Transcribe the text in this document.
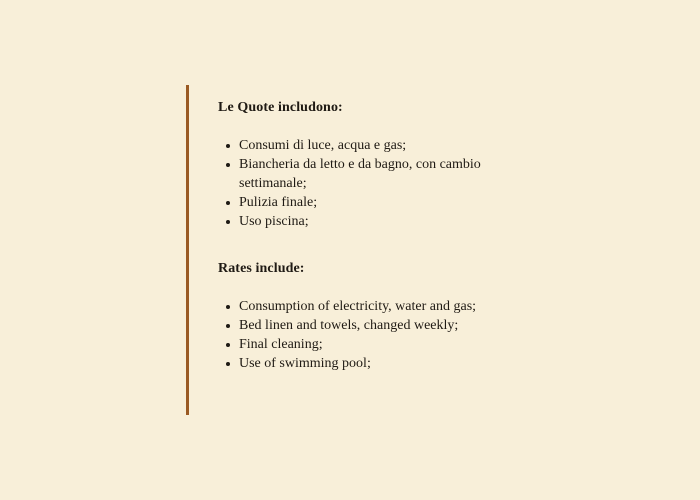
Le Quote includono:
Consumi di luce, acqua e gas;
Biancheria da letto e da bagno, con cambio settimanale;
Pulizia finale;
Uso piscina;
Rates include:
Consumption of electricity, water and gas;
Bed linen and towels, changed weekly;
Final cleaning;
Use of swimming pool;
